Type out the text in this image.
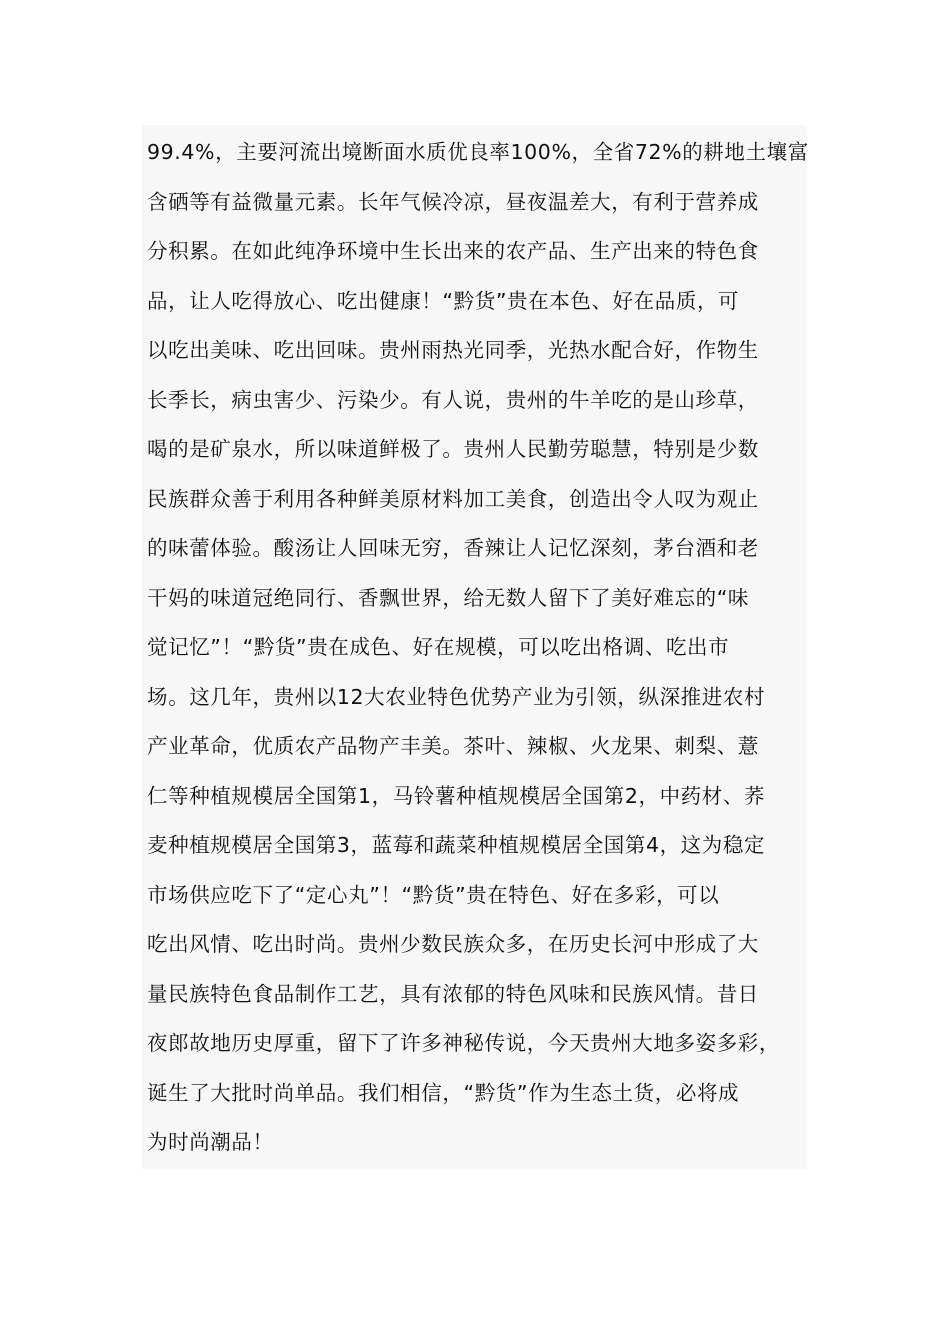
99.4%，主要河流出境断面水质优良率100%，全省72%的耕地土壤富
含硒等有益微量元素。长年气候冷凉，昼夜温差大，有利于营养成
分积累。在如此纯净环境中生长出来的农产品、生产出来的特色食
品，让人吃得放心、吃出健康！“黔货”贵在本色、好在品质，可
以吃出美味、吃出回味。贵州雨热光同季，光热水配合好，作物生
长季长，病虫害少、污染少。有人说，贵州的牛羊吃的是山珍草，
喝的是矿泉水，所以味道鲜极了。贵州人民勤劳聪慧，特别是少数
民族群众善于利用各种鲜美原材料加工美食，创造出令人叹为观止
的味蕾体验。酸汤让人回味无穷，香辣让人记忆深刻，茅台酒和老
干妈的味道冠绝同行、香飘世界，给无数人留下了美好难忘的“味
觉记忆”！“黔货”贵在成色、好在规模，可以吃出格调、吃出市
场。这几年，贵州以12大农业特色优势产业为引领，纵深推进农村
产业革命，优质农产品物产丰美。茶叶、辣椒、火龙果、刺梨、薏
仁等种植规模居全国第1，马铃薯种植规模居全国第2，中药材、荞
麦种植规模居全国第3，蓝莓和蔬菜种植规模居全国第4，这为稳定
市场供应吃下了“定心丸”！“黔货”贵在特色、好在多彩，可以
吃出风情、吃出时尚。贵州少数民族众多，在历史长河中形成了大
量民族特色食品制作工艺，具有浓郁的特色风味和民族风情。昔日
夜郎故地历史厚重，留下了许多神秘传说，今天贵州大地多姿多彩，
诞生了大批时尚单品。我们相信，“黔货”作为生态土货，必将成
为时尚潮品！
